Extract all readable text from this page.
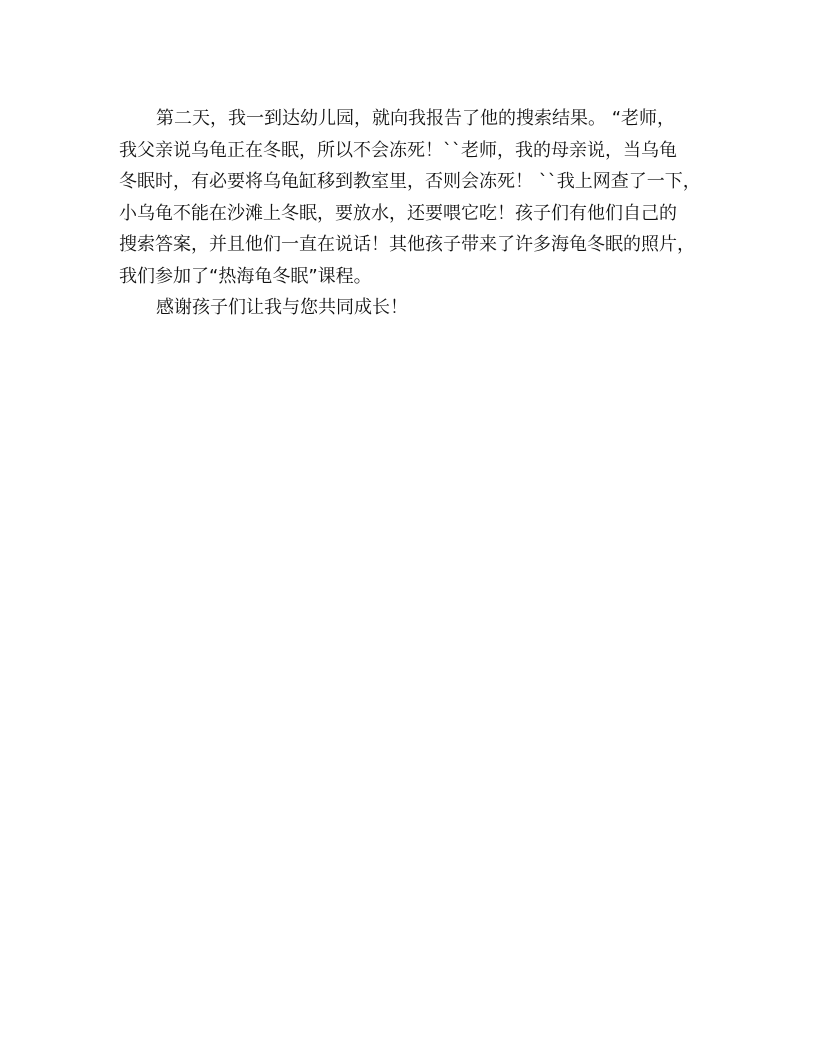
第二天，我一到达幼儿园，就向我报告了他的搜索结果。 “老师，
我父亲说乌龟正在冬眠，所以不会冻死！``老师，我的母亲说，当乌龟
冬眠时，有必要将乌龟缸移到教室里，否则会冻死！ ``我上网查了一下，
小乌龟不能在沙滩上冬眠，要放水，还要喂它吃！孩子们有他们自己的
搜索答案，并且他们一直在说话！其他孩子带来了许多海龟冬眠的照片，
我们参加了“热海龟冬眠”课程。
感谢孩子们让我与您共同成长！
